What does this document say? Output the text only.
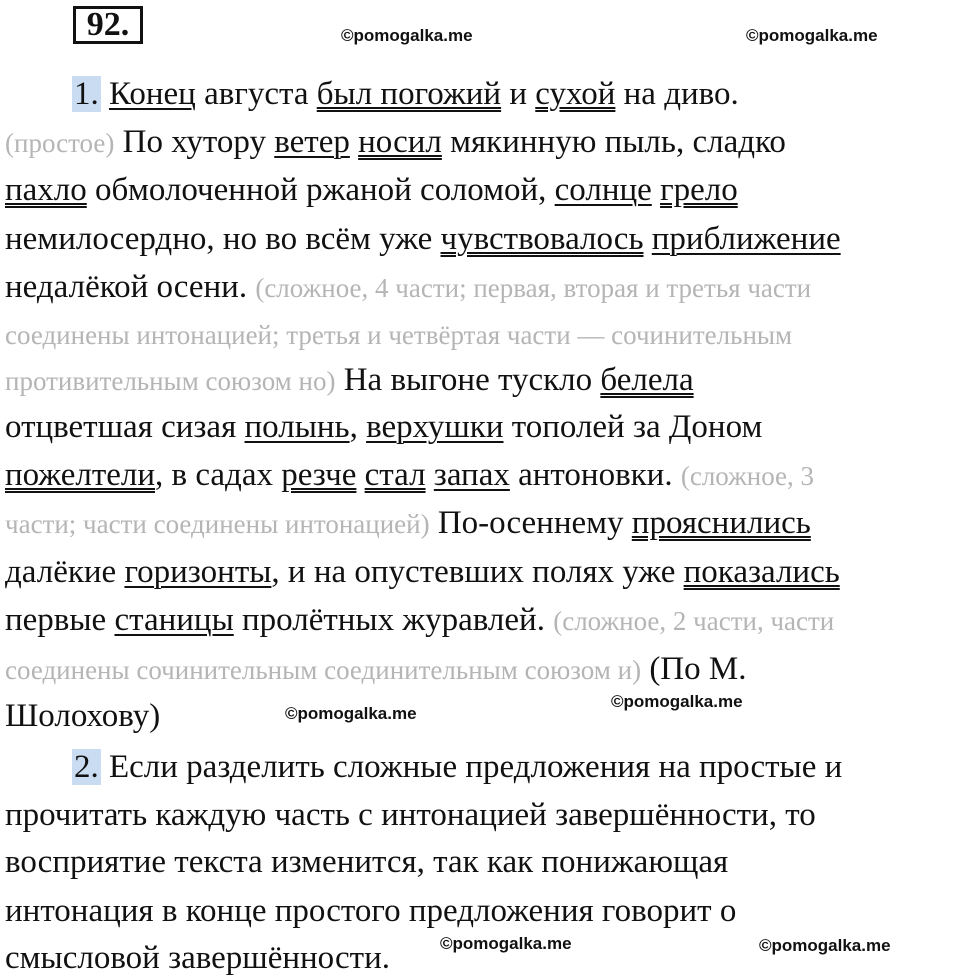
92.	©pomogalka.me	©pomogalka.me
©pomogalka.me
©pomogalka.me
©pomogalka.me	©pomogalka.me
1. Конец августа был погожий и сухой на диво.
(простое) По хутору ветер носил мякинную пыль, сладко
пахло обмолоченной ржаной соломой, солнце грело
немилосердно, но во всём уже чувствовалось приближение
недалёкой осени. (сложное, 4 части; первая, вторая и третья части
соединены интонацией; третья и четвёртая части — сочинительным
противительным союзом но) На выгоне тускло белела
отцветшая сизая полынь, верхушки тополей за Доном
пожелтели, в садах резче стал запах антоновки. (сложное, 3
части; части соединены интонацией) По-осеннему прояснились
далёкие горизонты, и на опустевших полях уже показались
первые станицы пролётных журавлей. (сложное, 2 части, части
соединены сочинительным соединительным союзом и) (По М.
Шолохову)
2. Если разделить сложные предложения на простые и
прочитать каждую часть с интонацией завершённости, то
восприятие текста изменится, так как понижающая
интонация в конце простого предложения говорит о
смысловой завершённости.
